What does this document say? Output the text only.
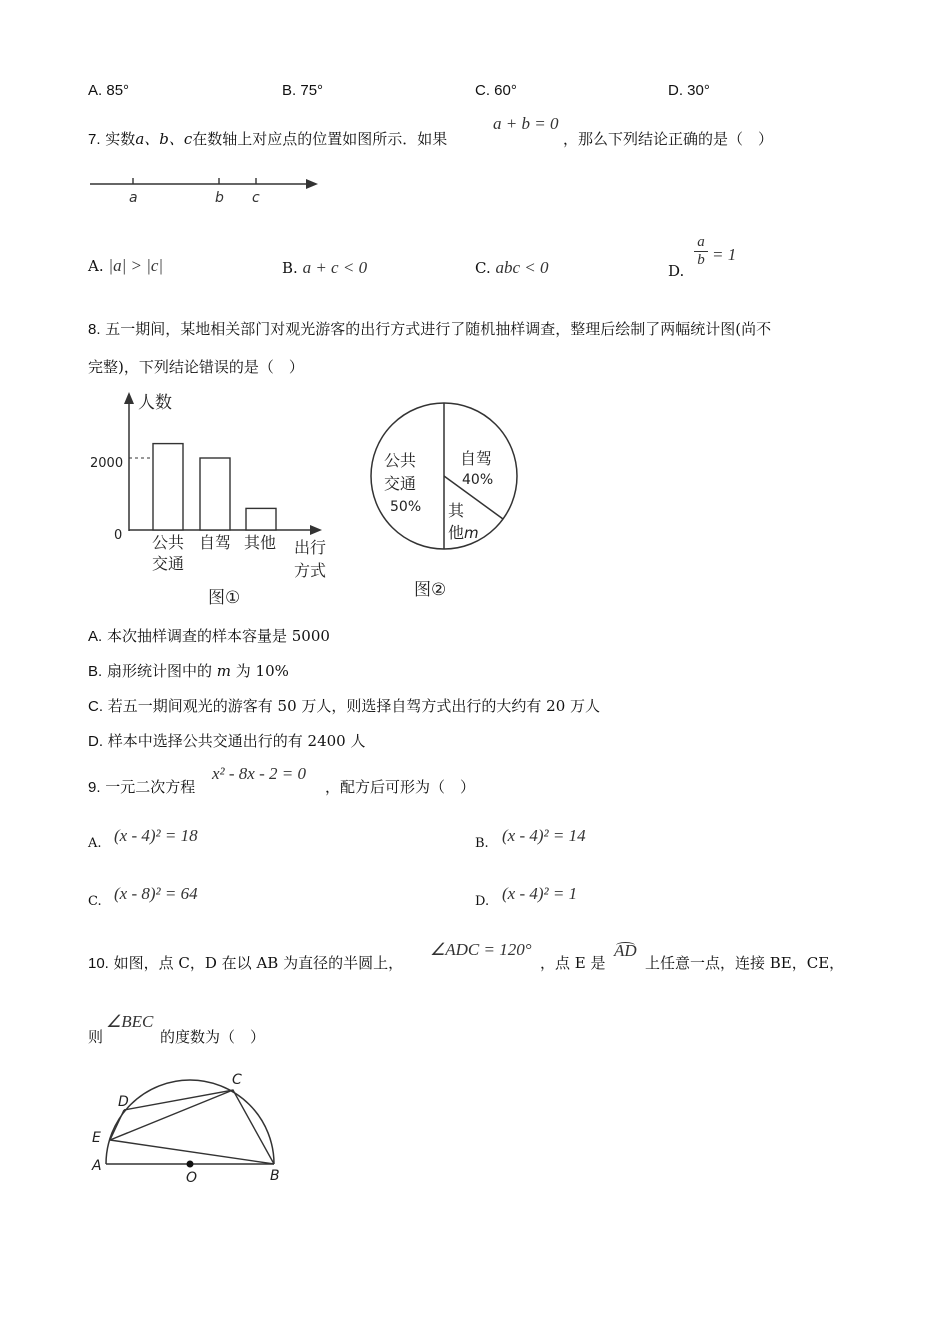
A. 85°	B. 75°	C. 60°	D. 30°
7. 实数a、b、c在数轴上对应点的位置如图所示．如果
a + b = 0
，那么下列结论正确的是（　）
a	b c
A. |a| > |c|	B. a + c < 0	C. abc < 0	D.
a
b = 1
8. 五一期间，某地相关部门对观光游客的出行方式进行了随机抽样调查，整理后绘制了两幅统计图(尚不
完整)，下列结论错误的是（　）
人数
2000
0 公共
交通
自驾 其他 出行
方式
图①
公共
交通
50%
自驾
40%
其
他 m
图②
A. 本次抽样调查的样本容量是 5000
B. 扇形统计图中的 m 为 10%
C. 若五一期间观光的游客有 50 万人，则选择自驾方式出行的大约有 20 万人
D. 样本中选择公共交通出行的有 2400 人
9. 一元二次方程
x² - 8x - 2 = 0
，配方后可形为（　）
A. (x - 4)² = 18	B. (x - 4)² = 14
C. (x - 8)² = 64	D. (x - 4)² = 1
10. 如图，点 C，D 在以 AB 为直径的半圆上，
∠ADC = 120°
，点 E 是
AD
上任意一点，连接 BE，CE，
则
∠BEC
的度数为（　）
A
B
C
D
E
O
